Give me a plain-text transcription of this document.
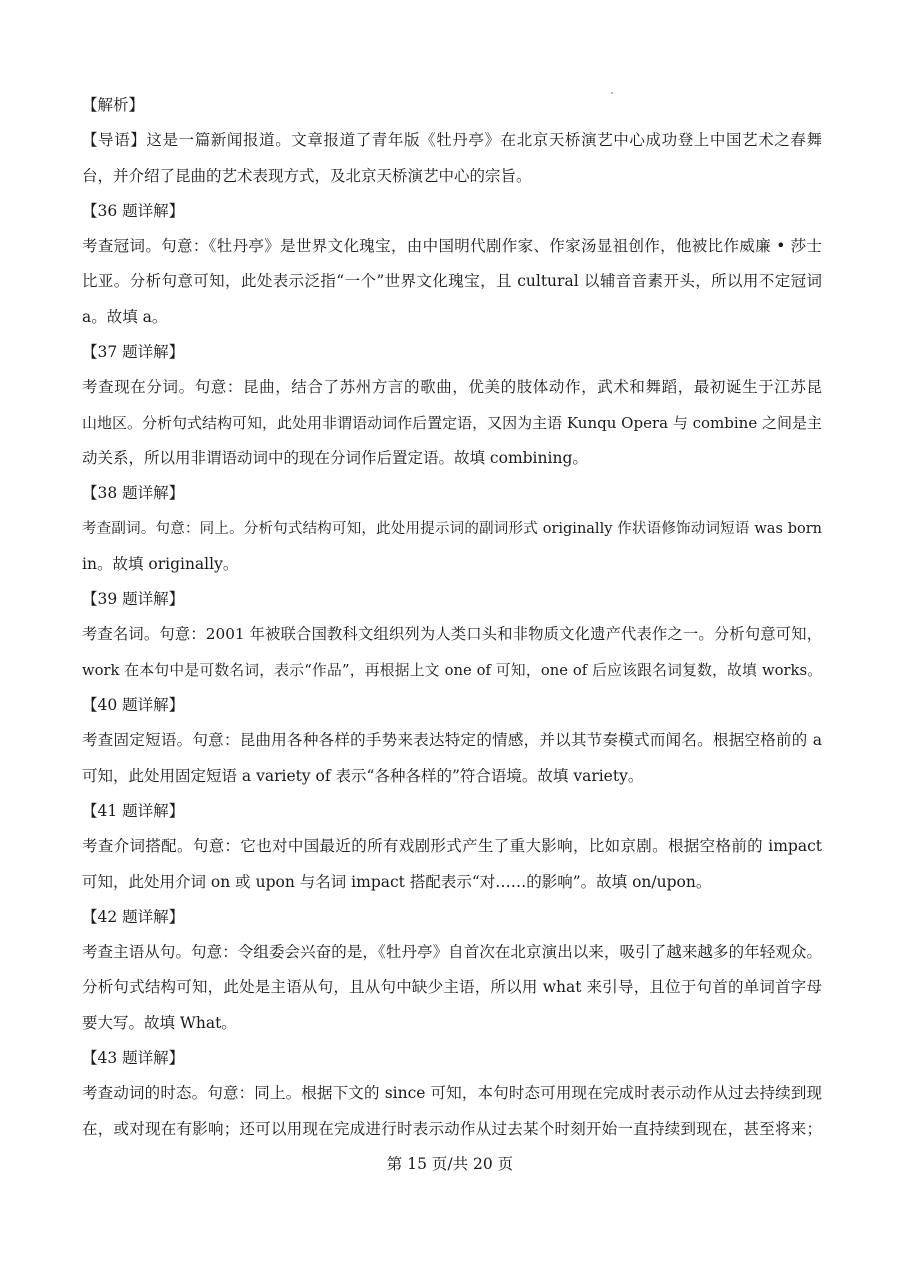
【解析】
【导语】这是一篇新闻报道。文章报道了青年版《牡丹亭》在北京天桥演艺中心成功登上中国艺术之春舞
台，并介绍了昆曲的艺术表现方式，及北京天桥演艺中心的宗旨。
【36 题详解】
考查冠词。句意：《牡丹亭》是世界文化瑰宝，由中国明代剧作家、作家汤显祖创作，他被比作威廉 • 莎士
比亚。分析句意可知，此处表示泛指“一个”世界文化瑰宝，且 cultural 以辅音音素开头，所以用不定冠词
a。故填 a。
【37 题详解】
考查现在分词。句意：昆曲，结合了苏州方言的歌曲，优美的肢体动作，武术和舞蹈，最初诞生于江苏昆
山地区。分析句式结构可知，此处用非谓语动词作后置定语，又因为主语 Kunqu Opera 与 combine 之间是主
动关系，所以用非谓语动词中的现在分词作后置定语。故填 combining。
【38 题详解】
考查副词。句意：同上。分析句式结构可知，此处用提示词的副词形式 originally 作状语修饰动词短语 was born
in。故填 originally。
【39 题详解】
考查名词。句意：2001 年被联合国教科文组织列为人类口头和非物质文化遗产代表作之一。分析句意可知，
work 在本句中是可数名词，表示“作品”，再根据上文 one of 可知，one of 后应该跟名词复数，故填 works。
【40 题详解】
考查固定短语。句意：昆曲用各种各样的手势来表达特定的情感，并以其节奏模式而闻名。根据空格前的 a
可知，此处用固定短语 a variety of 表示“各种各样的”符合语境。故填 variety。
【41 题详解】
考查介词搭配。句意：它也对中国最近的所有戏剧形式产生了重大影响，比如京剧。根据空格前的 impact
可知，此处用介词 on 或 upon 与名词 impact 搭配表示“对……的影响”。故填 on/upon。
【42 题详解】
考查主语从句。句意：令组委会兴奋的是，《牡丹亭》自首次在北京演出以来，吸引了越来越多的年轻观众。
分析句式结构可知，此处是主语从句，且从句中缺少主语，所以用 what 来引导，且位于句首的单词首字母
要大写。故填 What。
【43 题详解】
考查动词的时态。句意：同上。根据下文的 since 可知，本句时态可用现在完成时表示动作从过去持续到现
在，或对现在有影响；还可以用现在完成进行时表示动作从过去某个时刻开始一直持续到现在，甚至将来；
第 15 页/共 20 页
